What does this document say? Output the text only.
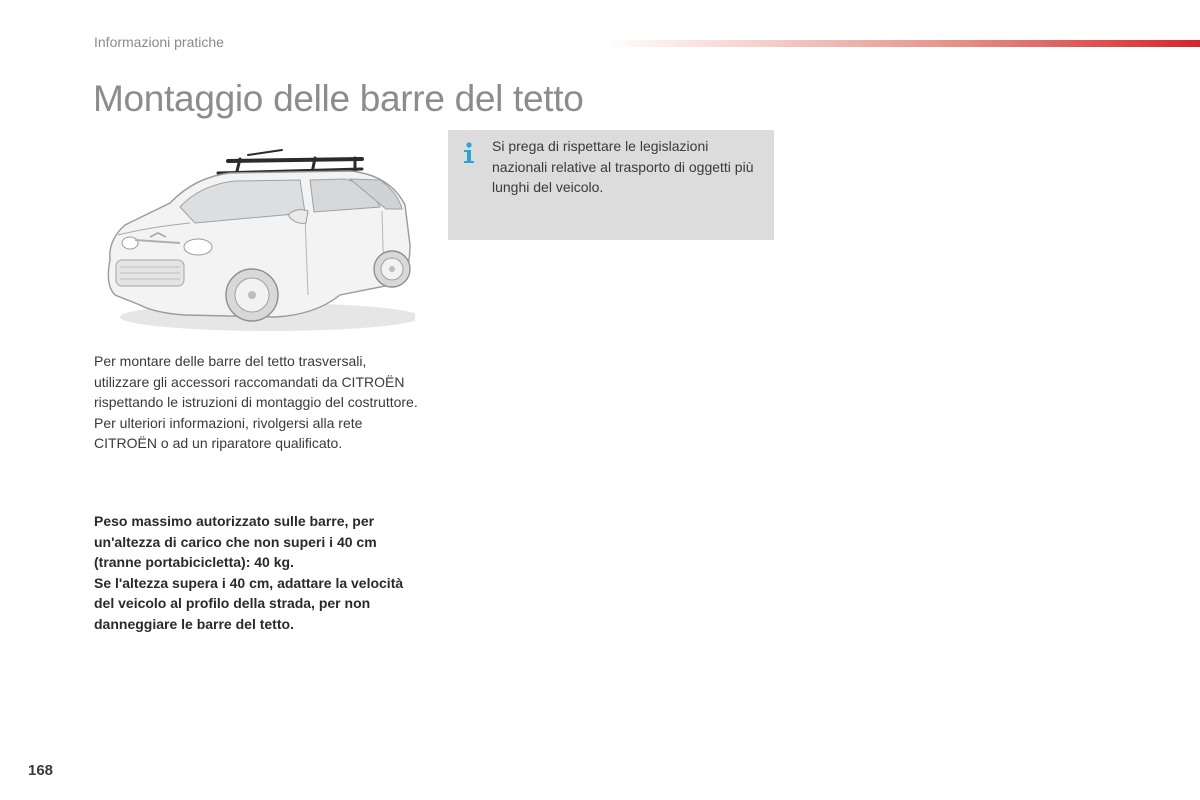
Informazioni pratiche
Montaggio delle barre del tetto

Per montare delle barre del tetto trasversali, utilizzare gli accessori raccomandati da CITROËN rispettando le istruzioni di montaggio del costruttore.

Per ulteriori informazioni, rivolgersi alla rete CITROËN o ad un riparatore qualificato.

Peso massimo autorizzato sulle barre, per un'altezza di carico che non superi i 40 cm (tranne portabicicletta): 40 kg.

Se l'altezza supera i 40 cm, adattare la velocità del veicolo al profilo della strada, per non danneggiare le barre del tetto.

Si prega di rispettare le legislazioni nazionali relative al trasporto di oggetti più lunghi del veicolo.
168
